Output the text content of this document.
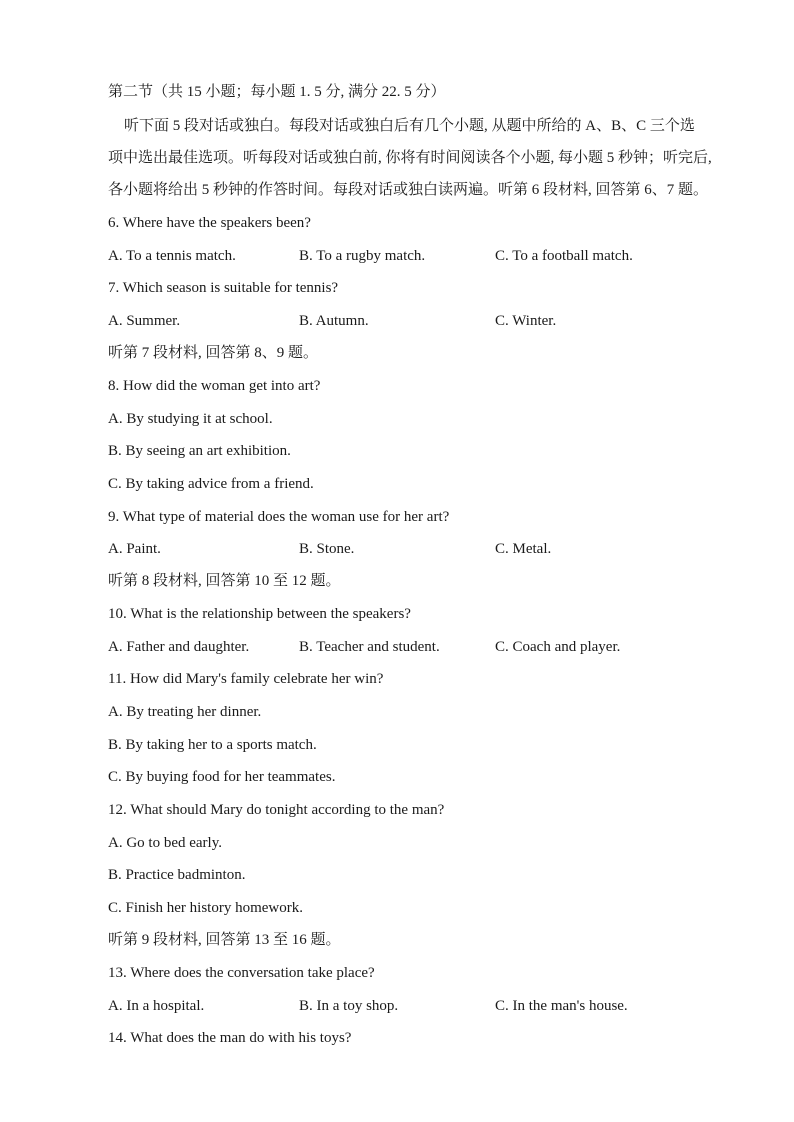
第二节（共 15 小题；每小题 1. 5 分, 满分 22. 5 分）
听下面 5 段对话或独白。每段对话或独白后有几个小题, 从题中所给的 A、B、C 三个选
项中选出最佳选项。听每段对话或独白前, 你将有时间阅读各个小题, 每小题 5 秒钟；听完后,
各小题将给出 5 秒钟的作答时间。每段对话或独白读两遍。听第 6 段材料, 回答第 6、7 题。
6. Where have the speakers been?
A. To a tennis match.	B. To a rugby match.	C. To a football match.
7. Which season is suitable for tennis?
A. Summer.	B. Autumn.	C. Winter.
听第 7 段材料, 回答第 8、9 题。
8. How did the woman get into art?
A. By studying it at school.
B. By seeing an art exhibition.
C. By taking advice from a friend.
9. What type of material does the woman use for her art?
A. Paint.	B. Stone.	C. Metal.
听第 8 段材料, 回答第 10 至 12 题。
10. What is the relationship between the speakers?
A. Father and daughter.	B. Teacher and student.	C. Coach and player.
11. How did Mary's family celebrate her win?
A. By treating her dinner.
B. By taking her to a sports match.
C. By buying food for her teammates.
12. What should Mary do tonight according to the man?
A. Go to bed early.
B. Practice badminton.
C. Finish her history homework.
听第 9 段材料, 回答第 13 至 16 题。
13. Where does the conversation take place?
A. In a hospital.	B. In a toy shop.	C. In the man's house.
14. What does the man do with his toys?
